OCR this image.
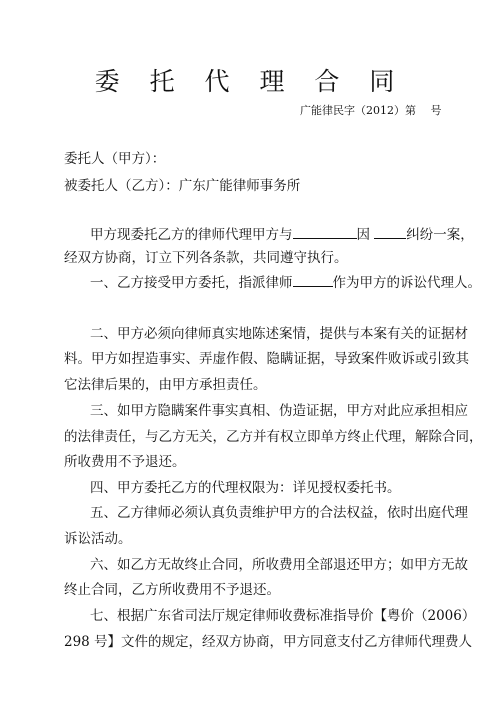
委 托 代 理 合 同
广能律民字（2012）第　 号
委托人（甲方）：
被委托人（乙方）：广东广能律师事务所
甲方现委托乙方的律师代理甲方与	因	纠纷一案，
经双方协商，订立下列各条款，共同遵守执行。
一、乙方接受甲方委托，指派律师	作为甲方的诉讼代理人。
二、甲方必须向律师真实地陈述案情，提供与本案有关的证据材
料。甲方如捏造事实、弄虚作假、隐瞒证据，导致案件败诉或引致其
它法律后果的，由甲方承担责任。
三、如甲方隐瞒案件事实真相、伪造证据，甲方对此应承担相应
的法律责任，与乙方无关，乙方并有权立即单方终止代理，解除合同，
所收费用不予退还。
四、甲方委托乙方的代理权限为：详见授权委托书。
五、乙方律师必须认真负责维护甲方的合法权益，依时出庭代理
诉讼活动。
六、如乙方无故终止合同，所收费用全部退还甲方；如甲方无故
终止合同，乙方所收费用不予退还。
七、根据广东省司法厅规定律师收费标准指导价【粤价（2006）
298 号】文件的规定，经双方协商，甲方同意支付乙方律师代理费人
